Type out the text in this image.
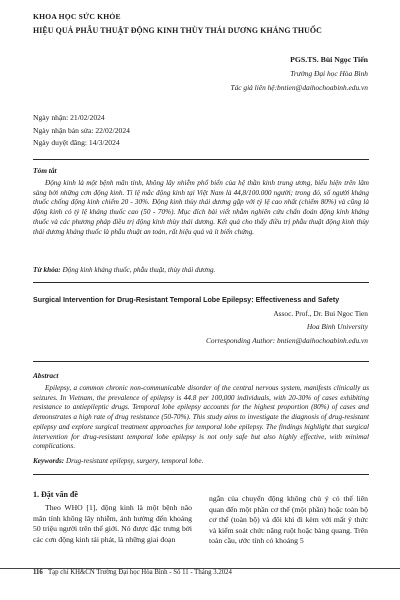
KHOA HỌC SỨC KHỎE
HIỆU QUẢ PHẪU THUẬT ĐỘNG KINH THÙY THÁI DƯƠNG KHÁNG THUỐC
PGS.TS. Bùi Ngọc Tiến
Trường Đại học Hòa Bình
Tác giả liên hệ:bntien@daihochoabinh.edu.vn
Ngày nhận: 21/02/2024
Ngày nhận bản sửa: 22/02/2024
Ngày duyệt đăng: 14/3/2024
Tóm tắt
Động kinh là một bệnh mãn tính, không lây nhiễm phổ biến của hệ thần kinh trung ương, biểu hiện trên lâm sàng bởi những cơn động kinh. Tỉ lệ mắc động kinh tại Việt Nam là 44,8/100.000 người; trong đó, số người kháng thuốc chống động kinh chiếm 20 - 30%. Động kinh thùy thái dương gặp với tỷ lệ cao nhất (chiếm 80%) và cũng là động kinh có tỷ lệ kháng thuốc cao (50 - 70%). Mục đích bài viết nhằm nghiên cứu chẩn đoán động kinh kháng thuốc và các phương pháp điều trị động kinh thùy thái dương. Kết quả cho thấy điều trị phẫu thuật động kinh thùy thái dương kháng thuốc là phẫu thuật an toàn, rất hiệu quả và ít biến chứng.
Từ khóa: Động kinh kháng thuốc, phẫu thuật, thùy thái dương.
Surgical Intervention for Drug-Resistant Temporal Lobe Epilepsy: Effectiveness and Safety
Assoc. Prof., Dr. Bui Ngoc Tien
Hoa Binh University
Corresponding Author: bntien@daihochoabinh.edu.vn
Abstract
Epilepsy, a common chronic non-communicable disorder of the central nervous system, manifests clinically as seizures. In Vietnam, the prevalence of epilepsy is 44.8 per 100,000 individuals, with 20-30% of cases exhibiting resistance to antiepileptic drugs. Temporal lobe epilepsy accounts for the highest proportion (80%) of cases and demonstrates a high rate of drug resistance (50-70%). This study aims to investigate the diagnosis of drug-resistant epilepsy and explore surgical treatment approaches for temporal lobe epilepsy. The findings highlight that surgical intervention for drug-resistant temporal lobe epilepsy is not only safe but also highly effective, with minimal complications.
Keywords: Drug-resistant epilepsy, surgery, temporal lobe.
1. Đặt vấn đề
Theo WHO [1], động kinh là một bệnh não mãn tính không lây nhiễm, ảnh hưởng đến khoảng 50 triệu người trên thế giới. Nó được đặc trưng bởi các cơn động kinh tái phát, là những giai đoạn
ngắn của chuyển động không chủ ý có thể liên quan đến một phần cơ thể (một phần) hoặc toàn bộ cơ thể (toàn bộ) và đôi khi đi kèm với mất ý thức và kiểm soát chức năng ruột hoặc bàng quang. Trên toàn cầu, ước tính có khoảng 5
116 Tạp chí KH&CN Trường Đại học Hòa Bình - Số 11 - Tháng 3.2024
